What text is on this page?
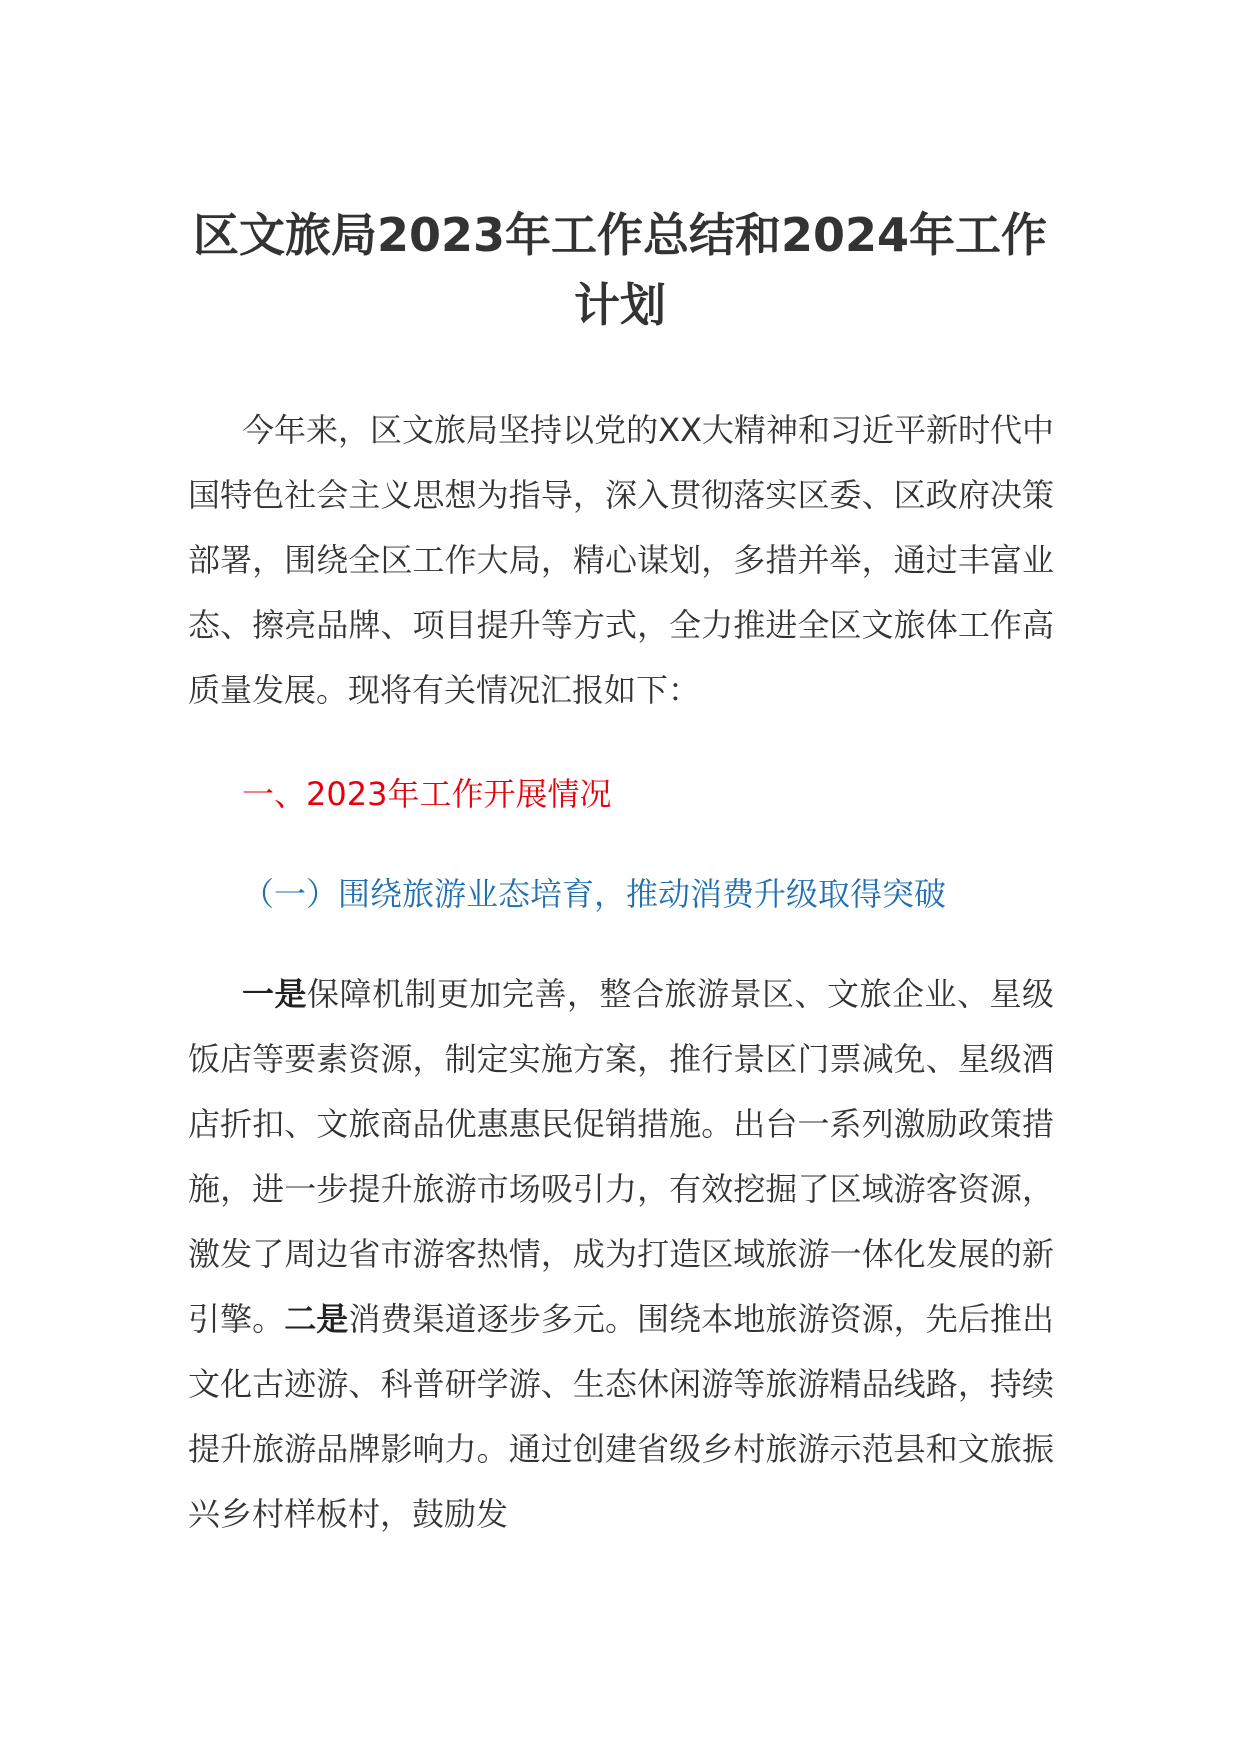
区文旅局2023年工作总结和2024年工作计划
今年来，区文旅局坚持以党的XX大精神和习近平新时代中国特色社会主义思想为指导，深入贯彻落实区委、区政府决策部署，围绕全区工作大局，精心谋划，多措并举，通过丰富业态、擦亮品牌、项目提升等方式，全力推进全区文旅体工作高质量发展。现将有关情况汇报如下：
一、2023年工作开展情况
（一）围绕旅游业态培育，推动消费升级取得突破
一是保障机制更加完善，整合旅游景区、文旅企业、星级饭店等要素资源，制定实施方案，推行景区门票减免、星级酒店折扣、文旅商品优惠惠民促销措施。出台一系列激励政策措施，进一步提升旅游市场吸引力，有效挖掘了区域游客资源，激发了周边省市游客热情，成为打造区域旅游一体化发展的新引擎。二是消费渠道逐步多元。围绕本地旅游资源，先后推出文化古迹游、科普研学游、生态休闲游等旅游精品线路，持续提升旅游品牌影响力。通过创建省级乡村旅游示范县和文旅振兴乡村样板村，鼓励发
